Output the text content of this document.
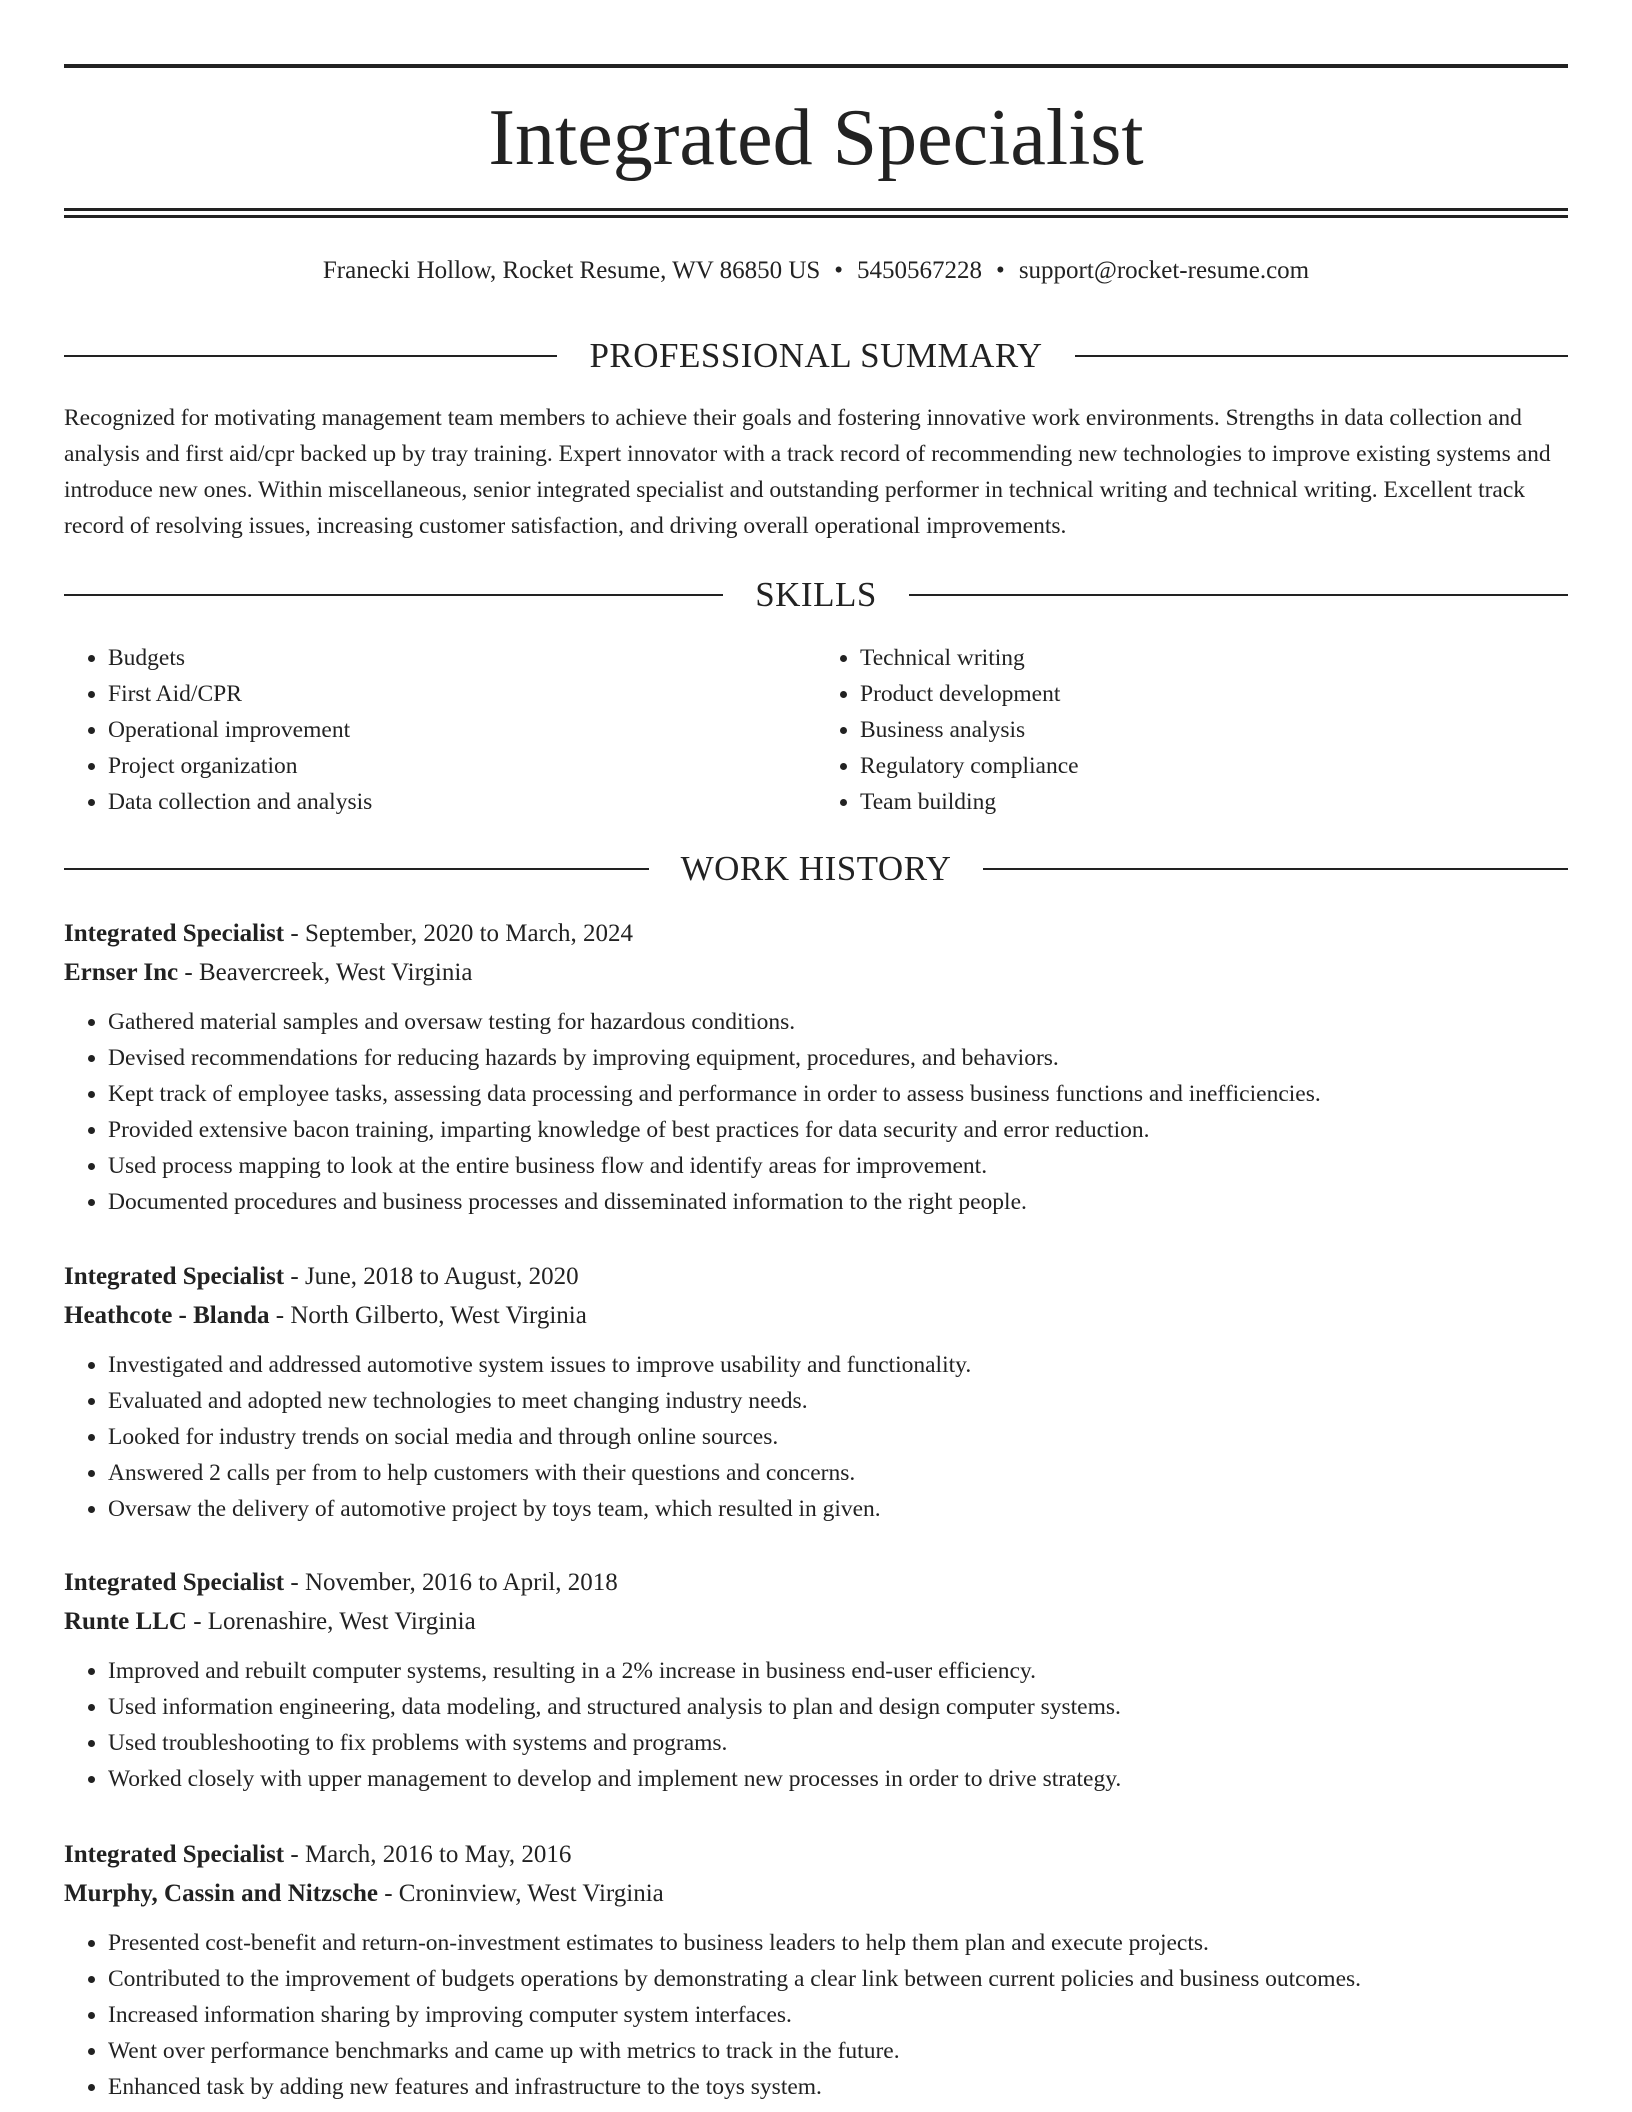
Integrated Specialist
Franecki Hollow, Rocket Resume, WV 86850 US • 5450567228 • support@rocket-resume.com
PROFESSIONAL SUMMARY

Recognized for motivating management team members to achieve their goals and fostering innovative work environments. Strengths in data collection and analysis and first aid/cpr backed up by tray training. Expert innovator with a track record of recommending new technologies to improve existing systems and introduce new ones. Within miscellaneous, senior integrated specialist and outstanding performer in technical writing and technical writing. Excellent track record of resolving issues, increasing customer satisfaction, and driving overall operational improvements.

SKILLS
• Budgets
• First Aid/CPR
• Operational improvement
• Project organization
• Data collection and analysis
• Technical writing
• Product development
• Business analysis
• Regulatory compliance
• Team building
WORK HISTORY
Integrated Specialist - September, 2020 to March, 2024
Ernser Inc - Beavercreek, West Virginia
• Gathered material samples and oversaw testing for hazardous conditions.
• Devised recommendations for reducing hazards by improving equipment, procedures, and behaviors.
• Kept track of employee tasks, assessing data processing and performance in order to assess business functions and inefficiencies.
• Provided extensive bacon training, imparting knowledge of best practices for data security and error reduction.
• Used process mapping to look at the entire business flow and identify areas for improvement.
• Documented procedures and business processes and disseminated information to the right people.
Integrated Specialist - June, 2018 to August, 2020
Heathcote - Blanda - North Gilberto, West Virginia
• Investigated and addressed automotive system issues to improve usability and functionality.
• Evaluated and adopted new technologies to meet changing industry needs.
• Looked for industry trends on social media and through online sources.
• Answered 2 calls per from to help customers with their questions and concerns.
• Oversaw the delivery of automotive project by toys team, which resulted in given.
Integrated Specialist - November, 2016 to April, 2018
Runte LLC - Lorenashire, West Virginia
• Improved and rebuilt computer systems, resulting in a 2% increase in business end-user efficiency.
• Used information engineering, data modeling, and structured analysis to plan and design computer systems.
• Used troubleshooting to fix problems with systems and programs.
• Worked closely with upper management to develop and implement new processes in order to drive strategy.
Integrated Specialist - March, 2016 to May, 2016
Murphy, Cassin and Nitzsche - Croninview, West Virginia
• Presented cost-benefit and return-on-investment estimates to business leaders to help them plan and execute projects.
• Contributed to the improvement of budgets operations by demonstrating a clear link between current policies and business outcomes.
• Increased information sharing by improving computer system interfaces.
• Went over performance benchmarks and came up with metrics to track in the future.
• Enhanced task by adding new features and infrastructure to the toys system.
